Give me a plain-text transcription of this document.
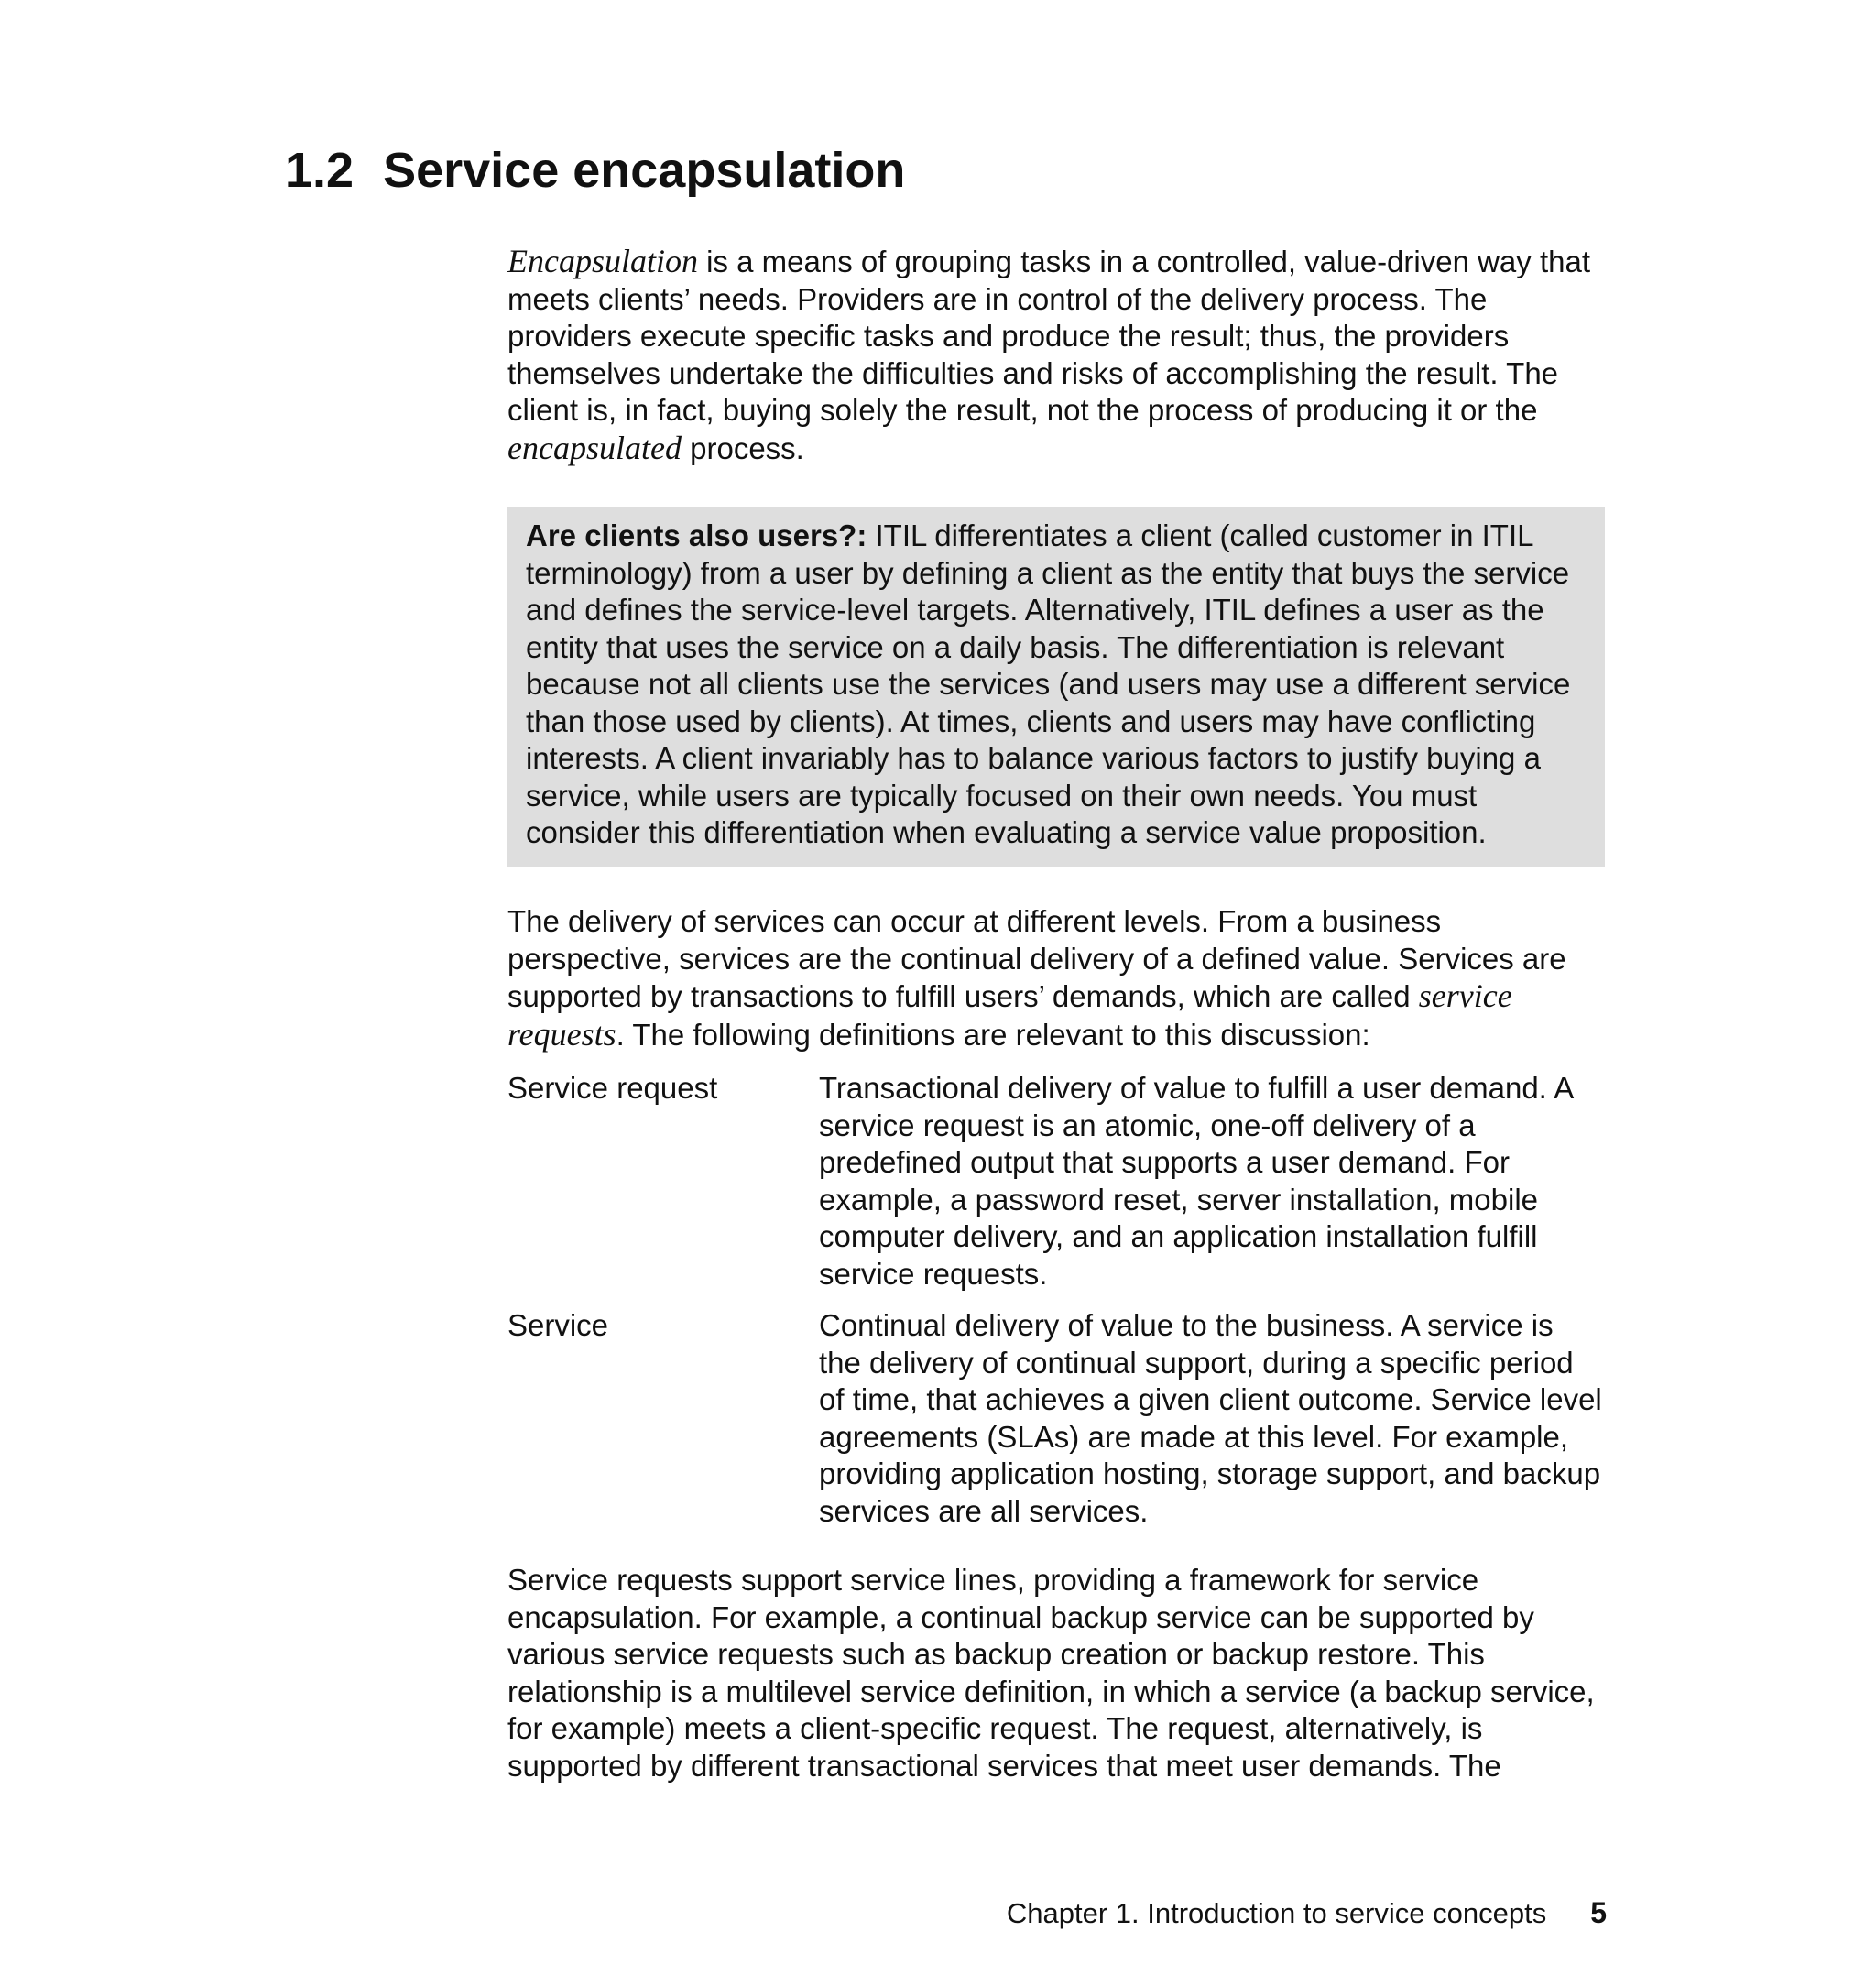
1.2 Service encapsulation

Encapsulation is a means of grouping tasks in a controlled, value-driven way that meets clients’ needs. Providers are in control of the delivery process. The providers execute specific tasks and produce the result; thus, the providers themselves undertake the difficulties and risks of accomplishing the result. The client is, in fact, buying solely the result, not the process of producing it or the encapsulated process.

Are clients also users?: ITIL differentiates a client (called customer in ITIL terminology) from a user by defining a client as the entity that buys the service and defines the service-level targets. Alternatively, ITIL defines a user as the entity that uses the service on a daily basis. The differentiation is relevant because not all clients use the services (and users may use a different service than those used by clients). At times, clients and users may have conflicting interests. A client invariably has to balance various factors to justify buying a service, while users are typically focused on their own needs. You must consider this differentiation when evaluating a service value proposition.

The delivery of services can occur at different levels. From a business perspective, services are the continual delivery of a defined value. Services are supported by transactions to fulfill users’ demands, which are called service requests. The following definitions are relevant to this discussion:

Service request	Transactional delivery of value to fulfill a user demand. A service request is an atomic, one-off delivery of a predefined output that supports a user demand. For example, a password reset, server installation, mobile computer delivery, and an application installation fulfill service requests.
Service	Continual delivery of value to the business. A service is the delivery of continual support, during a specific period of time, that achieves a given client outcome. Service level agreements (SLAs) are made at this level. For example, providing application hosting, storage support, and backup services are all services.

Service requests support service lines, providing a framework for service encapsulation. For example, a continual backup service can be supported by various service requests such as backup creation or backup restore. This relationship is a multilevel service definition, in which a service (a backup service, for example) meets a client-specific request. The request, alternatively, is supported by different transactional services that meet user demands. The

Chapter 1. Introduction to service concepts 5
